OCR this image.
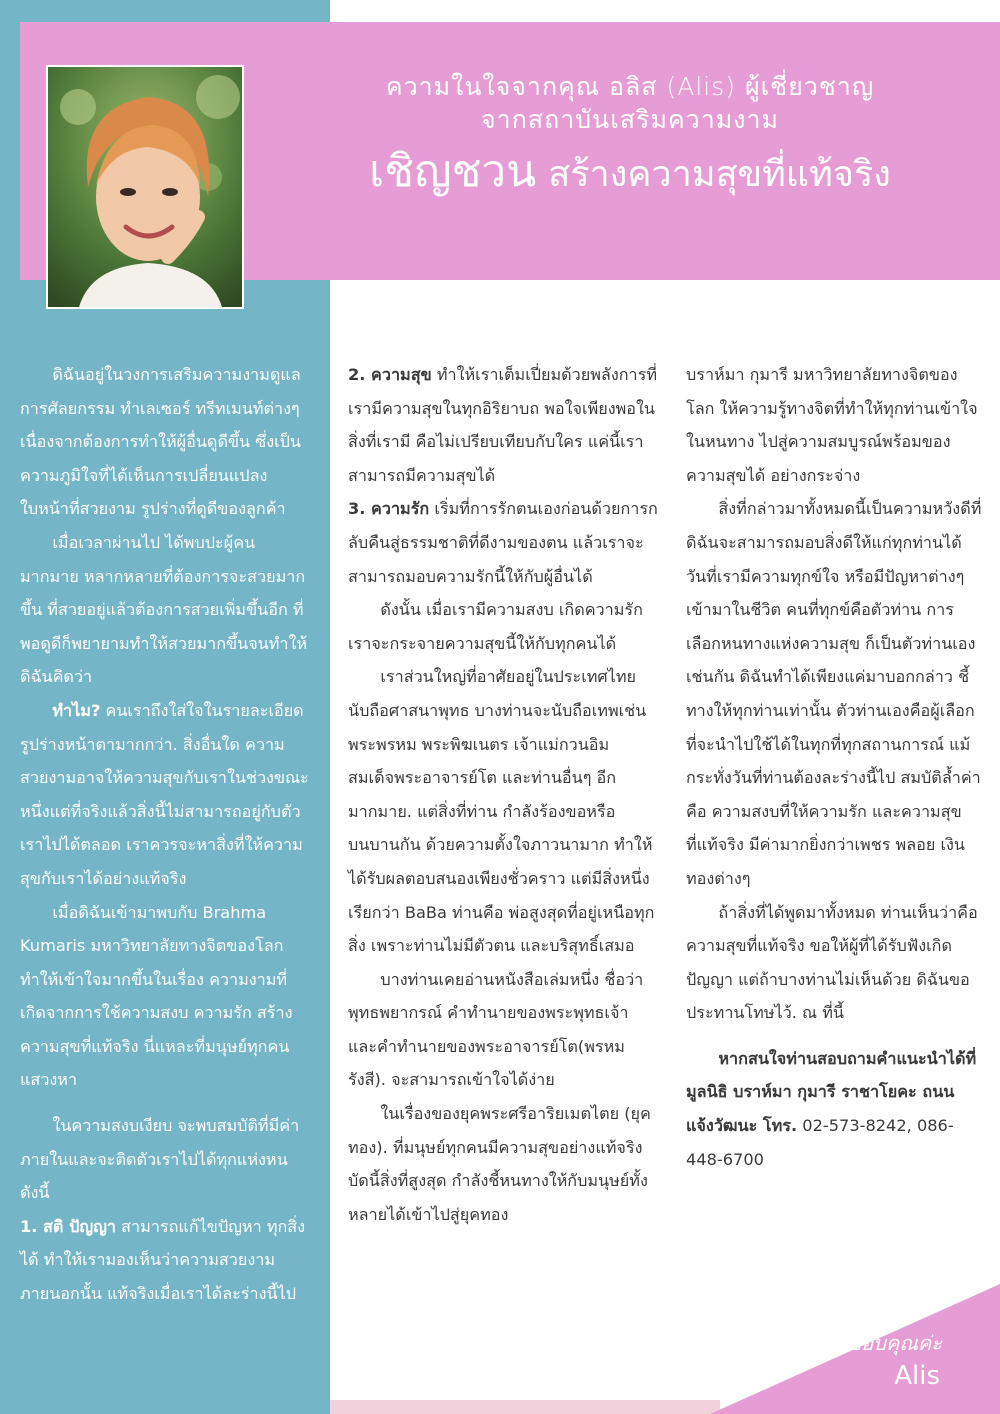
ความในใจจากคุณ อลิส (Alis) ผู้เชี่ยวชาญ
จากสถาบันเสริมความงาม
เชิญชวน สร้างความสุขที่แท้จริง

ดิฉันอยู่ในวงการเสริมความงามดูแลการศัลยกรรม ทำเลเซอร์ ทรีทเมนท์ต่างๆ เนื่องจากต้องการทำให้ผู้อื่นดูดีขึ้น ซึ่งเป็นความภูมิใจที่ได้เห็นการเปลี่ยนแปลงใบหน้าที่สวยงาม รูปร่างที่ดูดีของลูกค้า

เมื่อเวลาผ่านไป ได้พบปะผู้คนมากมาย หลากหลายที่ต้องการจะสวยมากขึ้น ที่สวยอยู่แล้วต้องการสวยเพิ่มขึ้นอีก ที่พอดูดีก็พยายามทำให้สวยมากขึ้นจนทำให้ดิฉันคิดว่า

ทำไม? คนเราถึงใส่ใจในรายละเอียดรูปร่างหน้าตามากกว่า. สิ่งอื่นใด ความสวยงามอาจให้ความสุขกับเราในช่วงขณะหนึ่งแต่ที่จริงแล้วสิ่งนี้ไม่สามารถอยู่กับตัวเราไปได้ตลอด เราควรจะหาสิ่งที่ให้ความสุขกับเราได้อย่างแท้จริง

เมื่อดิฉันเข้ามาพบกับ Brahma Kumaris มหาวิทยาลัยทางจิตของโลก ทำให้เข้าใจมากขึ้นในเรื่อง ความงามที่เกิดจากการใช้ความสงบ ความรัก สร้างความสุขที่แท้จริง นี่แหละที่มนุษย์ทุกคนแสวงหา

ในความสงบเงียบ จะพบสมบัติที่มีค่าภายในและจะติดตัวเราไปได้ทุกแห่งหน ดังนี้

1. สติ ปัญญา สามารถแก้ไขปัญหา ทุกสิ่งได้ ทำให้เรามองเห็นว่าความสวยงามภายนอกนั้น แท้จริงเมื่อเราได้ละร่างนี้ไป

2. ความสุข ทำให้เราเต็มเปี่ยมด้วยพลังการที่เรามีความสุขในทุกอิริยาบถ พอใจเพียงพอในสิ่งที่เรามี คือไม่เปรียบเทียบกับใคร แค่นี้เราสามารถมีความสุขได้

3. ความรัก เริ่มที่การรักตนเองก่อนด้วยการกลับคืนสู่ธรรมชาติที่ดีงามของตน แล้วเราจะสามารถมอบความรักนี้ให้กับผู้อื่นได้

ดังนั้น เมื่อเรามีความสงบ เกิดความรัก เราจะกระจายความสุขนี้ให้กับทุกคนได้

เราส่วนใหญ่ที่อาศัยอยู่ในประเทศไทย นับถือศาสนาพุทธ บางท่านจะนับถือเทพเช่น พระพรหม พระพิฆเนตร เจ้าแม่กวนอิม สมเด็จพระอาจารย์โต และท่านอื่นๆ อีกมากมาย. แต่สิ่งที่ท่าน กำลังร้องขอหรือบนบานกัน ด้วยความตั้งใจภาวนามาก ทำให้ได้รับผลตอบสนองเพียงชั่วคราว แต่มีสิ่งหนึ่งเรียกว่า BaBa ท่านคือ พ่อสูงสุดที่อยู่เหนือทุกสิ่ง เพราะท่านไม่มีตัวตน และบริสุทธิ์เสมอ

บางท่านเคยอ่านหนังสือเล่มหนึ่ง ชื่อว่า พุทธพยากรณ์ คำทำนายของพระพุทธเจ้า และคำทำนายของพระอาจารย์โต(พรหมรังสี). จะสามารถเข้าใจได้ง่าย

ในเรื่องของยุคพระศรีอาริยเมตไตย (ยุคทอง). ที่มนุษย์ทุกคนมีความสุขอย่างแท้จริง บัดนี้สิ่งที่สูงสุด กำลังชี้หนทางให้กับมนุษย์ทั้งหลายได้เข้าไปสู่ยุคทอง

บราห์มา กุมารี มหาวิทยาลัยทางจิตของโลก ให้ความรู้ทางจิตที่ทำให้ทุกท่านเข้าใจในหนทาง ไปสู่ความสมบูรณ์พร้อมของความสุขได้ อย่างกระจ่าง

สิ่งที่กล่าวมาทั้งหมดนี้เป็นความหวังดีที่ดิฉันจะสามารถมอบสิ่งดีให้แก่ทุกท่านได้ วันที่เรามีความทุกข์ใจ หรือมีปัญหาต่างๆ เข้ามาในชีวิต คนที่ทุกข์คือตัวท่าน การเลือกหนทางแห่งความสุข ก็เป็นตัวท่านเองเช่นกัน ดิฉันทำได้เพียงแค่มาบอกกล่าว ชี้ทางให้ทุกท่านเท่านั้น ตัวท่านเองคือผู้เลือก ที่จะนำไปใช้ได้ในทุกที่ทุกสถานการณ์ แม้กระทั่งวันที่ท่านต้องละร่างนี้ไป สมบัติล้ำค่า คือ ความสงบที่ให้ความรัก และความสุขที่แท้จริง มีค่ามากยิ่งกว่าเพชร พลอย เงินทองต่างๆ

ถ้าสิ่งที่ได้พูดมาทั้งหมด ท่านเห็นว่าคือความสุขที่แท้จริง ขอให้ผู้ที่ได้รับฟังเกิดปัญญา แต่ถ้าบางท่านไม่เห็นด้วย ดิฉันขอประทานโทษไว้. ณ ที่นี้

หากสนใจท่านสอบถามคำแนะนำได้ที่มูลนิธิ บราห์มา กุมารี ราชาโยคะ ถนนแจ้งวัฒนะ โทร. 02-573-8242, 086-448-6700

ขอขอบคุณค่ะ
Alis
